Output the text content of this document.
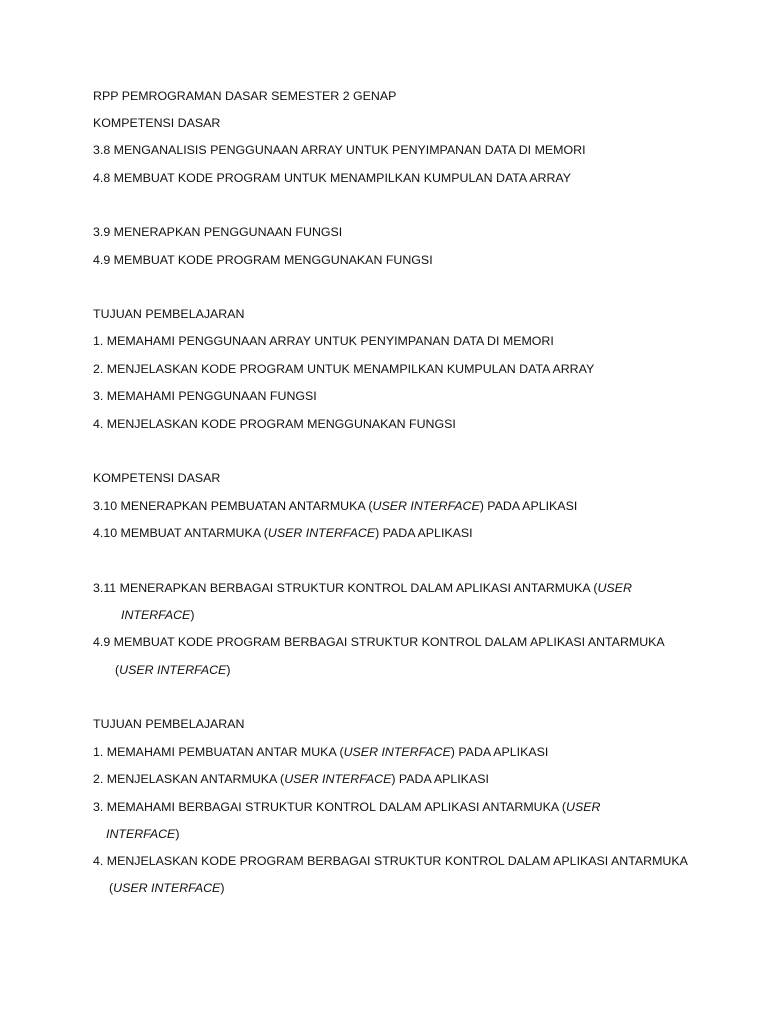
RPP PEMROGRAMAN DASAR SEMESTER 2 GENAP
KOMPETENSI DASAR
3.8 MENGANALISIS PENGGUNAAN ARRAY UNTUK PENYIMPANAN DATA DI MEMORI
4.8 MEMBUAT KODE PROGRAM UNTUK MENAMPILKAN KUMPULAN DATA ARRAY
3.9 MENERAPKAN PENGGUNAAN FUNGSI
4.9 MEMBUAT KODE PROGRAM MENGGUNAKAN FUNGSI
TUJUAN PEMBELAJARAN
1. MEMAHAMI PENGGUNAAN ARRAY UNTUK PENYIMPANAN DATA DI MEMORI
2. MENJELASKAN KODE PROGRAM UNTUK MENAMPILKAN KUMPULAN DATA ARRAY
3. MEMAHAMI PENGGUNAAN FUNGSI
4. MENJELASKAN KODE PROGRAM MENGGUNAKAN FUNGSI
KOMPETENSI DASAR
3.10 MENERAPKAN PEMBUATAN ANTARMUKA (USER INTERFACE) PADA APLIKASI
4.10 MEMBUAT ANTARMUKA (USER INTERFACE) PADA APLIKASI
3.11 MENERAPKAN BERBAGAI STRUKTUR KONTROL DALAM APLIKASI ANTARMUKA (USER
INTERFACE)
4.9 MEMBUAT KODE PROGRAM BERBAGAI STRUKTUR KONTROL DALAM APLIKASI ANTARMUKA
(USER INTERFACE)
TUJUAN PEMBELAJARAN
1. MEMAHAMI PEMBUATAN ANTAR MUKA (USER INTERFACE) PADA APLIKASI
2. MENJELASKAN ANTARMUKA (USER INTERFACE) PADA APLIKASI
3. MEMAHAMI BERBAGAI STRUKTUR KONTROL DALAM APLIKASI ANTARMUKA (USER
INTERFACE)
4. MENJELASKAN KODE PROGRAM BERBAGAI STRUKTUR KONTROL DALAM APLIKASI ANTARMUKA
(USER INTERFACE)
